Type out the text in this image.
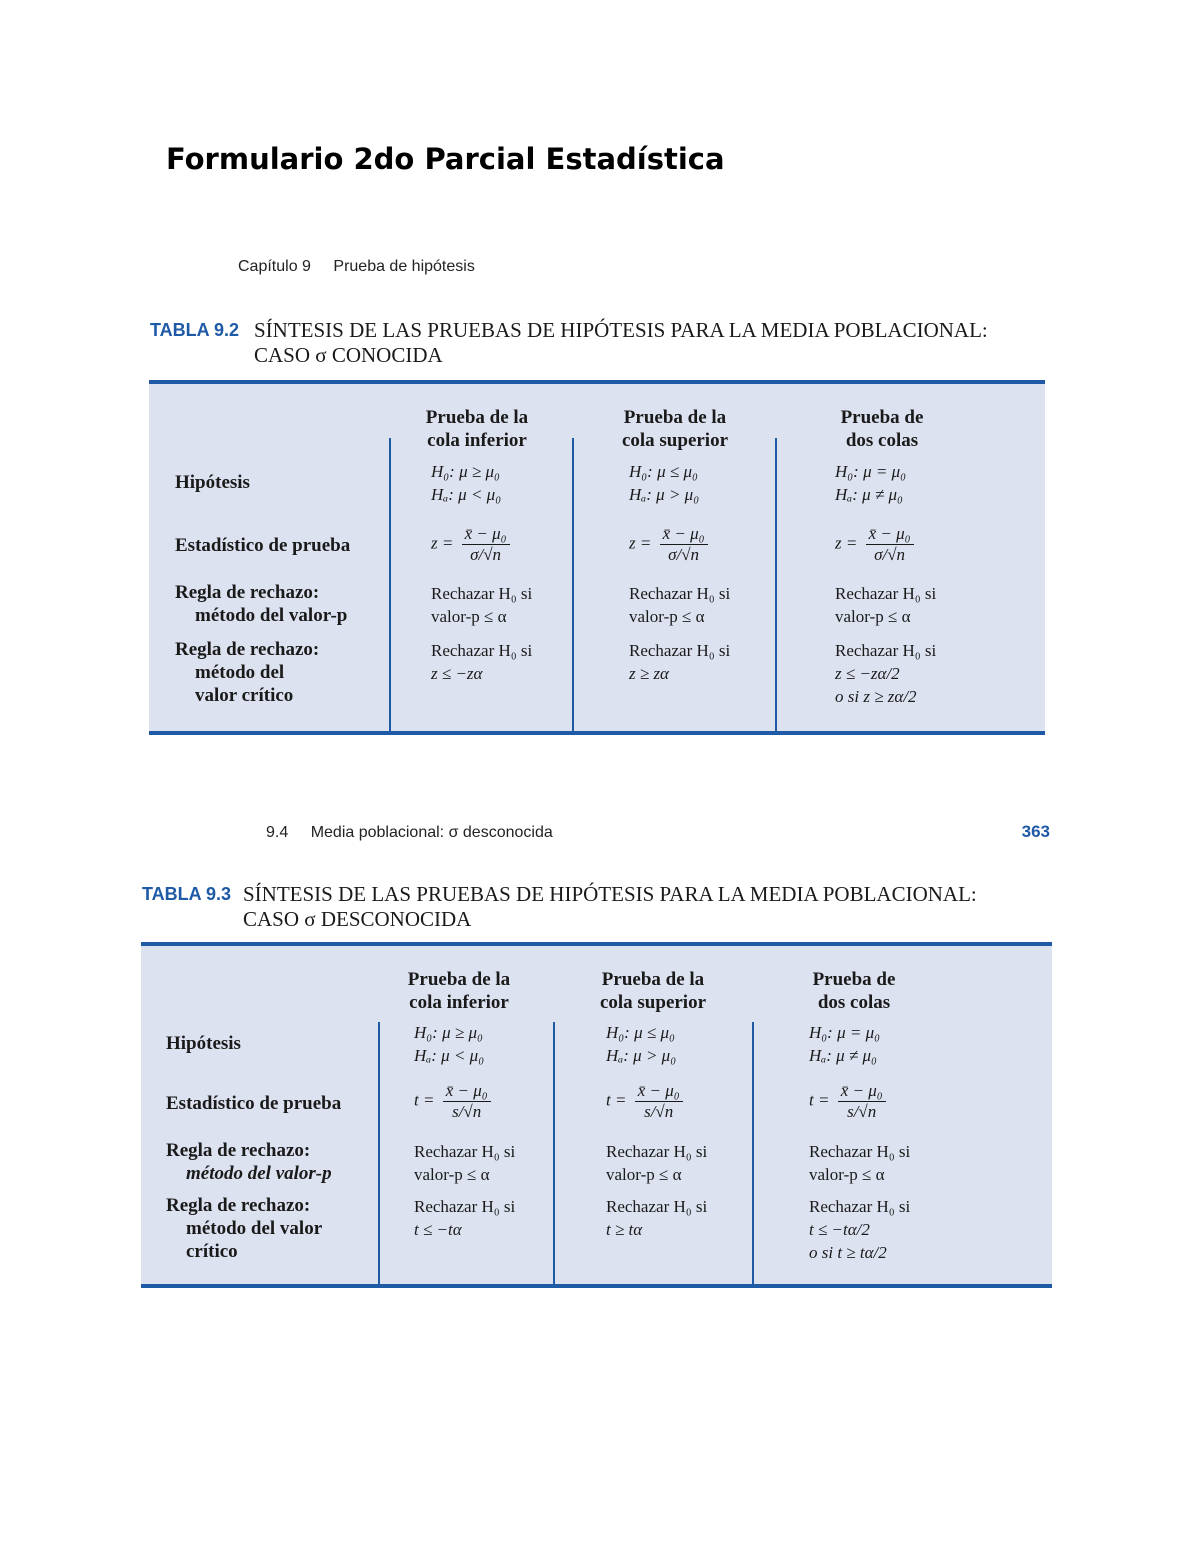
Formulario 2do Parcial Estadística
Capítulo 9 Prueba de hipótesis
TABLA 9.2 SÍNTESIS DE LAS PRUEBAS DE HIPÓTESIS PARA LA MEDIA POBLACIONAL:
CASO σ CONOCIDA
Prueba de la
cola inferior
Prueba de la
cola superior
Prueba de
dos colas
Hipótesis
Estadístico de prueba
Regla de rechazo:
método del valor-p
Regla de rechazo:
método del
valor crítico
H₀: μ ≥ μ₀
Hₐ: μ < μ₀
$z = \frac{\text{x̄ − μ₀}}{\sigma/√n}$
Rechazar H₀ si
valor-p ≤ α
Rechazar H₀ si
z ≤ −zα
H₀: μ ≤ μ₀
Hₐ: μ > μ₀
$z = \frac{\text{x̄ − μ₀}}{\sigma/√n}$
Rechazar H₀ si
valor-p ≤ α
Rechazar H₀ si
z ≥ zα
H₀: μ = μ₀
Hₐ: μ ≠ μ₀
$z = \frac{\text{x̄ − μ₀}}{\sigma/√n}$
Rechazar H₀ si
valor-p ≤ α
Rechazar H₀ si
z ≤ −zα/2
o si z ≥ zα/2
9.4 Media poblacional: σ desconocida	363
TABLA 9.3 SÍNTESIS DE LAS PRUEBAS DE HIPÓTESIS PARA LA MEDIA POBLACIONAL:
CASO σ DESCONOCIDA
Prueba de la
cola inferior
Prueba de la
cola superior
Prueba de
dos colas
Hipótesis
Estadístico de prueba
Regla de rechazo:
método del valor-p
Regla de rechazo:
método del valor
crítico
H₀: μ ≥ μ₀
Hₐ: μ < μ₀
$t = \frac{\text{x̄ − μ₀}}{s/√n}$
Rechazar H₀ si
valor-p ≤ α
Rechazar H₀ si
t ≤ −tα
H₀: μ ≤ μ₀
Hₐ: μ > μ₀
$t = \frac{\text{x̄ − μ₀}}{s/√n}$
Rechazar H₀ si
valor-p ≤ α
Rechazar H₀ si
t ≥ tα
H₀: μ = μ₀
Hₐ: μ ≠ μ₀
$t = \frac{\text{x̄ − μ₀}}{s/√n}$
Rechazar H₀ si
valor-p ≤ α
Rechazar H₀ si
t ≤ −tα/2
o si t ≥ tα/2
